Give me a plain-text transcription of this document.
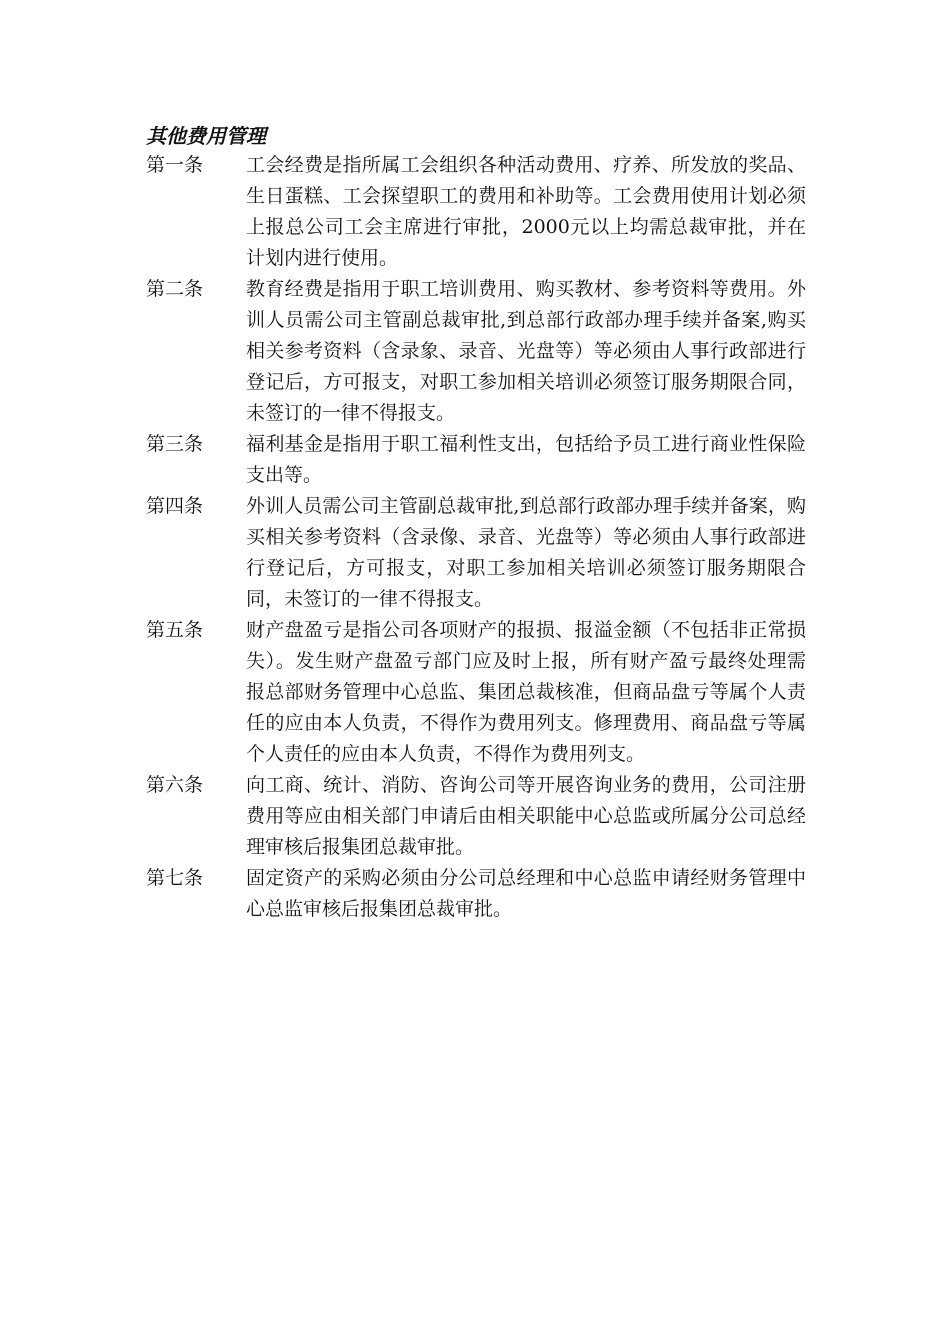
其他费用管理
第一条	工会经费是指所属工会组织各种活动费用、疗养、所发放的奖品、生日蛋糕、工会探望职工的费用和补助等。工会费用使用计划必须上报总公司工会主席进行审批，2000元以上均需总裁审批，并在计划内进行使用。
第二条	教育经费是指用于职工培训费用、购买教材、参考资料等费用。外训人员需公司主管副总裁审批,到总部行政部办理手续并备案,购买相关参考资料（含录象、录音、光盘等）等必须由人事行政部进行登记后，方可报支，对职工参加相关培训必须签订服务期限合同，未签订的一律不得报支。
第三条	福利基金是指用于职工福利性支出，包括给予员工进行商业性保险支出等。
第四条	外训人员需公司主管副总裁审批,到总部行政部办理手续并备案，购买相关参考资料（含录像、录音、光盘等）等必须由人事行政部进行登记后，方可报支，对职工参加相关培训必须签订服务期限合同，未签订的一律不得报支。
第五条	财产盘盈亏是指公司各项财产的报损、报溢金额（不包括非正常损失）。发生财产盘盈亏部门应及时上报，所有财产盈亏最终处理需报总部财务管理中心总监、集团总裁核准，但商品盘亏等属个人责任的应由本人负责，不得作为费用列支。修理费用、商品盘亏等属个人责任的应由本人负责，不得作为费用列支。
第六条	向工商、统计、消防、咨询公司等开展咨询业务的费用，公司注册费用等应由相关部门申请后由相关职能中心总监或所属分公司总经理审核后报集团总裁审批。
第七条	固定资产的采购必须由分公司总经理和中心总监申请经财务管理中心总监审核后报集团总裁审批。
